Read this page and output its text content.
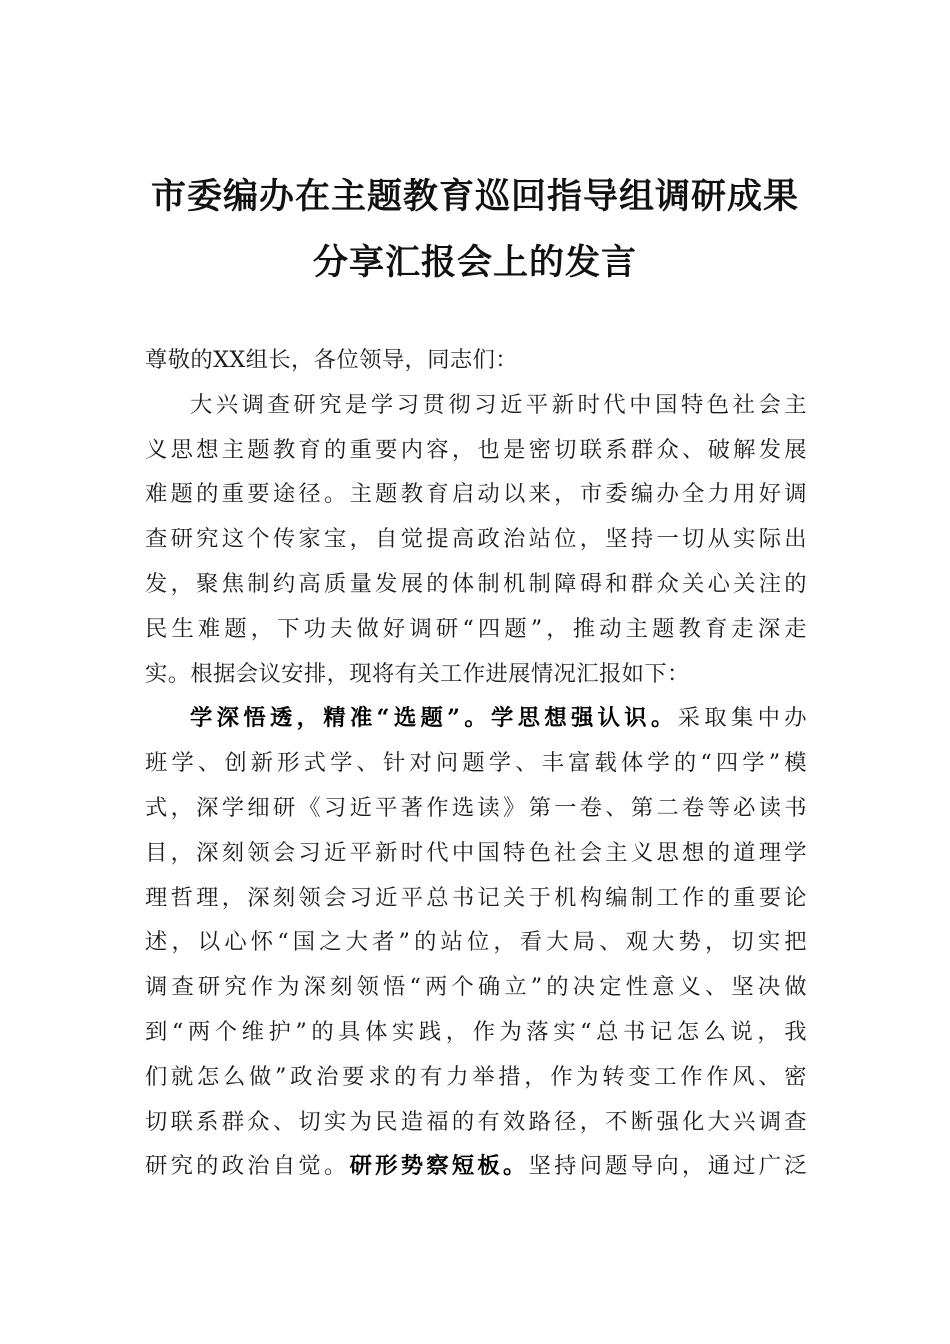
市委编办在主题教育巡回指导组调研成果
分享汇报会上的发言
尊敬的XX组长，各位领导，同志们：
大兴调查研究是学习贯彻习近平新时代中国特色社会主
义思想主题教育的重要内容，也是密切联系群众、破解发展
难题的重要途径。主题教育启动以来，市委编办全力用好调
查研究这个传家宝，自觉提高政治站位，坚持一切从实际出
发，聚焦制约高质量发展的体制机制障碍和群众关心关注的
民生难题，下功夫做好调研“四题”，推动主题教育走深走
实。根据会议安排，现将有关工作进展情况汇报如下：
学深悟透，精准“选题”。学思想强认识。采取集中办
班学、创新形式学、针对问题学、丰富载体学的“四学”模
式，深学细研《习近平著作选读》第一卷、第二卷等必读书
目，深刻领会习近平新时代中国特色社会主义思想的道理学
理哲理，深刻领会习近平总书记关于机构编制工作的重要论
述，以心怀“国之大者”的站位，看大局、观大势，切实把
调查研究作为深刻领悟“两个确立”的决定性意义、坚决做
到“两个维护”的具体实践，作为落实“总书记怎么说，我
们就怎么做”政治要求的有力举措，作为转变工作作风、密
切联系群众、切实为民造福的有效路径，不断强化大兴调查
研究的政治自觉。研形势察短板。坚持问题导向，通过广泛
